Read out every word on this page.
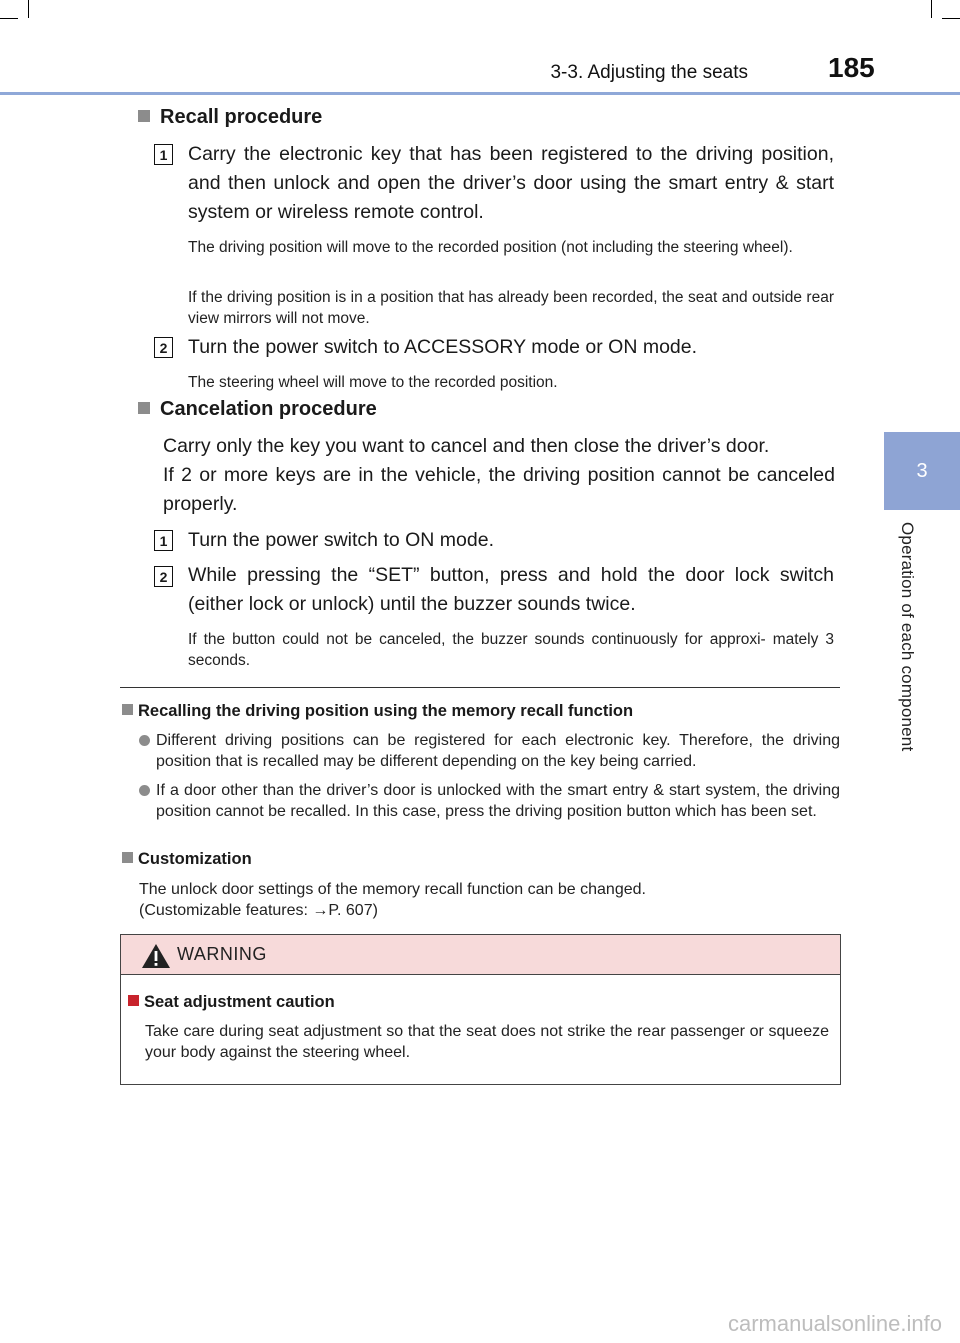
3-3. Adjusting the seats	185
3
Operation of each component
Recall procedure
1 Carry the electronic key that has been registered to the driving position, and then unlock and open the driver’s door using the smart entry & start system or wireless remote control.
The driving position will move to the recorded position (not including the steering wheel).
If the driving position is in a position that has already been recorded, the seat and outside rear view mirrors will not move.
2 Turn the power switch to ACCESSORY mode or ON mode.
The steering wheel will move to the recorded position.
Cancelation procedure
Carry only the key you want to cancel and then close the driver’s door.
If 2 or more keys are in the vehicle, the driving position cannot be canceled properly.
1 Turn the power switch to ON mode.
2 While pressing the “SET” button, press and hold the door lock switch (either lock or unlock) until the buzzer sounds twice.
If the button could not be canceled, the buzzer sounds continuously for approxi- mately 3 seconds.
Recalling the driving position using the memory recall function
Different driving positions can be registered for each electronic key. Therefore, the driving position that is recalled may be different depending on the key being carried.
If a door other than the driver’s door is unlocked with the smart entry & start system, the driving position cannot be recalled. In this case, press the driving position button which has been set.
Customization
The unlock door settings of the memory recall function can be changed.
(Customizable features: →P. 607)
WARNING
Seat adjustment caution
Take care during seat adjustment so that the seat does not strike the rear passenger or squeeze your body against the steering wheel.
carmanualsonline.info
